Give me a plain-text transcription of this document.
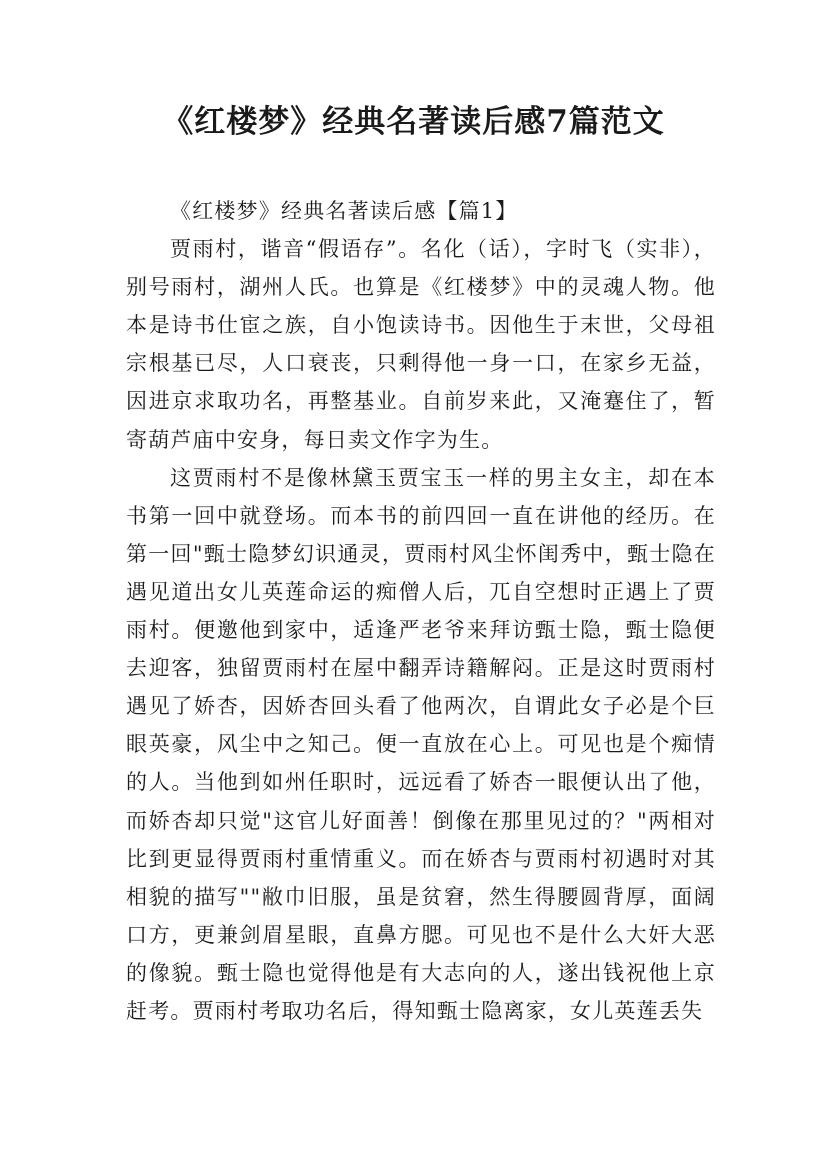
《红楼梦》经典名著读后感7篇范文

《红楼梦》经典名著读后感【篇1】

贾雨村，谐音“假语存”。名化（话），字时飞（实非），别号雨村，湖州人氏。也算是《红楼梦》中的灵魂人物。他本是诗书仕宦之族，自小饱读诗书。因他生于末世，父母祖宗根基已尽，人口衰丧，只剩得他一身一口，在家乡无益，因进京求取功名，再整基业。自前岁来此，又淹蹇住了，暂寄葫芦庙中安身，每日卖文作字为生。

这贾雨村不是像林黛玉贾宝玉一样的男主女主，却在本书第一回中就登场。而本书的前四回一直在讲他的经历。在第一回"甄士隐梦幻识通灵，贾雨村风尘怀闺秀中，甄士隐在遇见道出女儿英莲命运的痴僧人后，兀自空想时正遇上了贾雨村。便邀他到家中，适逢严老爷来拜访甄士隐，甄士隐便去迎客，独留贾雨村在屋中翻弄诗籍解闷。正是这时贾雨村遇见了娇杏，因娇杏回头看了他两次，自谓此女子必是个巨眼英豪，风尘中之知己。便一直放在心上。可见也是个痴情的人。当他到如州任职时，远远看了娇杏一眼便认出了他，而娇杏却只觉"这官儿好面善！倒像在那里见过的？"两相对比到更显得贾雨村重情重义。而在娇杏与贾雨村初遇时对其相貌的描写""敝巾旧服，虽是贫窘，然生得腰圆背厚，面阔口方，更兼剑眉星眼，直鼻方腮。可见也不是什么大奸大恶的像貌。甄士隐也觉得他是有大志向的人，遂出钱祝他上京赶考。贾雨村考取功名后，得知甄士隐离家，女儿英莲丢失
